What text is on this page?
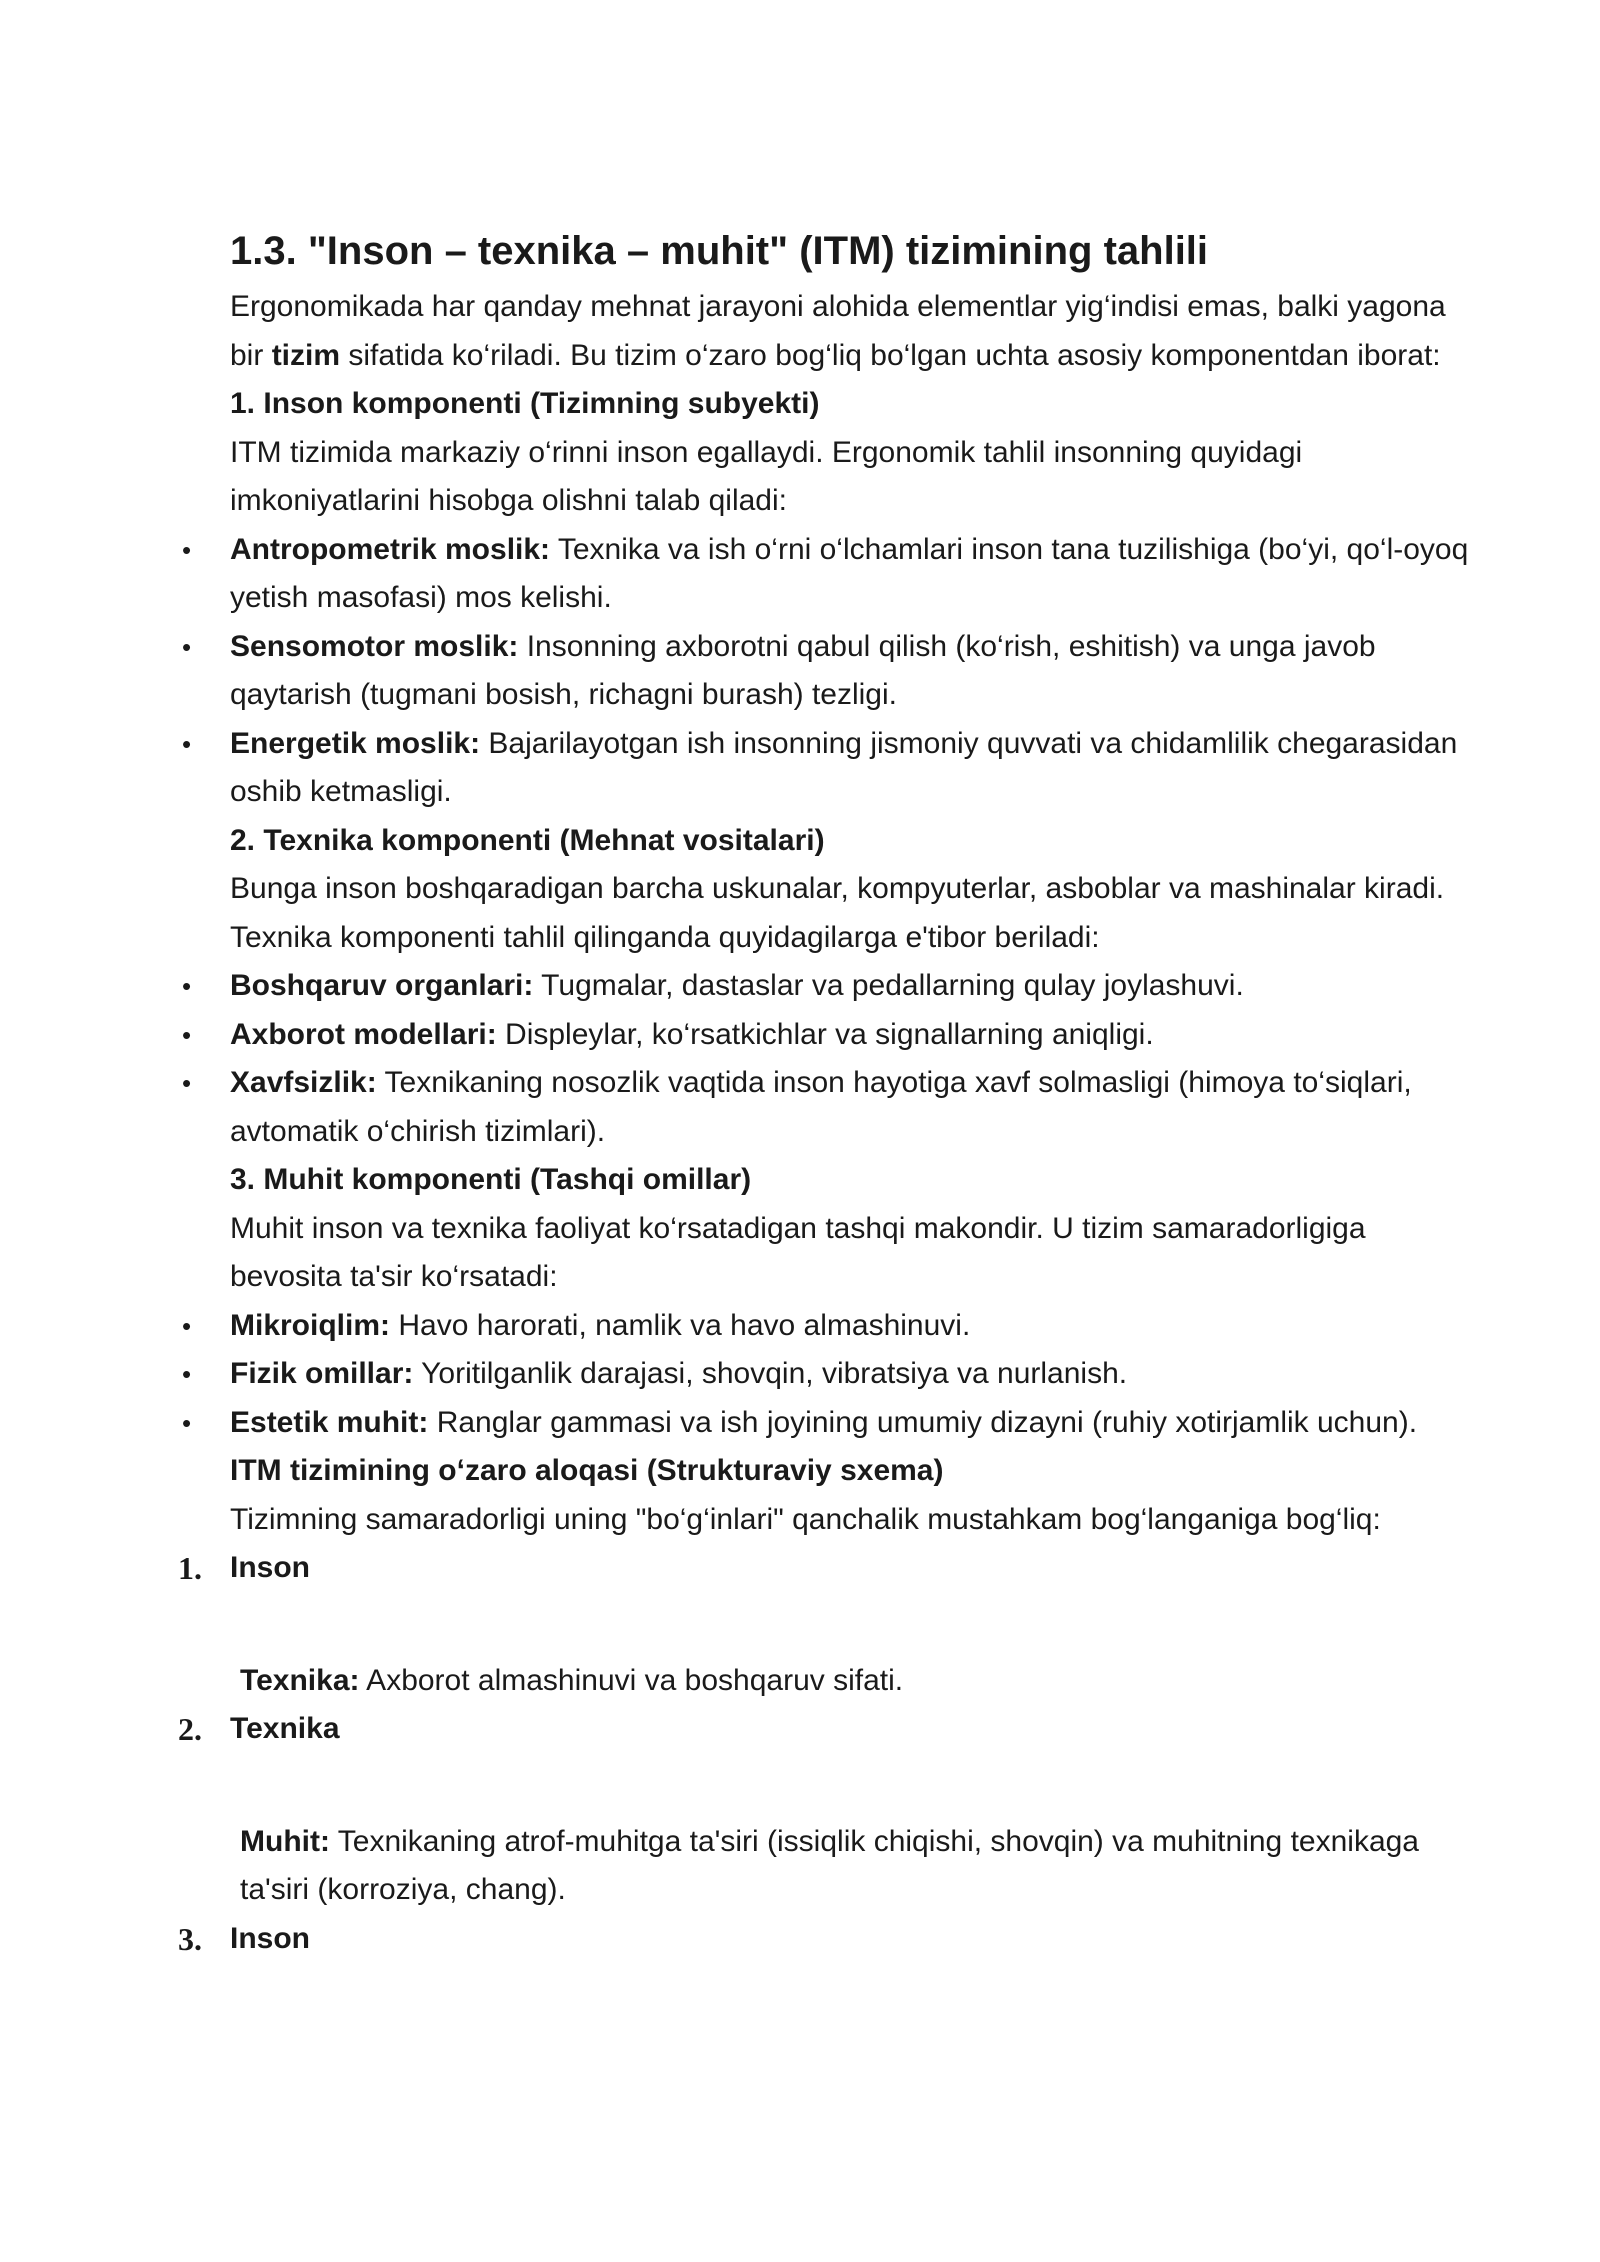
1.3. "Inson – texnika – muhit" (ITM) tizimining tahlili

Ergonomikada har qanday mehnat jarayoni alohida elementlar yig‘indisi emas, balki yagona bir tizim sifatida ko‘riladi. Bu tizim o‘zaro bog‘liq bo‘lgan uchta asosiy komponentdan iborat:

1. Inson komponenti (Tizimning subyekti)

ITM tizimida markaziy o‘rinni inson egallaydi. Ergonomik tahlil insonning quyidagi imkoniyatlarini hisobga olishni talab qiladi:

• Antropometrik moslik: Texnika va ish o‘rni o‘lchamlari inson tana tuzilishiga (bo‘yi, qo‘l-oyoq yetish masofasi) mos kelishi.
• Sensomotor moslik: Insonning axborotni qabul qilish (ko‘rish, eshitish) va unga javob qaytarish (tugmani bosish, richagni burash) tezligi.
• Energetik moslik: Bajarilayotgan ish insonning jismoniy quvvati va chidamlilik chegarasidan oshib ketmasligi.

2. Texnika komponenti (Mehnat vositalari)

Bunga inson boshqaradigan barcha uskunalar, kompyuterlar, asboblar va mashinalar kiradi. Texnika komponenti tahlil qilinganda quyidagilarga e'tibor beriladi:

• Boshqaruv organlari: Tugmalar, dastaslar va pedallarning qulay joylashuvi.
• Axborot modellari: Displeylar, ko‘rsatkichlar va signallarning aniqligi.
• Xavfsizlik: Texnikaning nosozlik vaqtida inson hayotiga xavf solmasligi (himoya to‘siqlari, avtomatik o‘chirish tizimlari).

3. Muhit komponenti (Tashqi omillar)

Muhit inson va texnika faoliyat ko‘rsatadigan tashqi makondir. U tizim samaradorligiga bevosita ta'sir ko‘rsatadi:

• Mikroiqlim: Havo harorati, namlik va havo almashinuvi.
• Fizik omillar: Yoritilganlik darajasi, shovqin, vibratsiya va nurlanish.
• Estetik muhit: Ranglar gammasi va ish joyining umumiy dizayni (ruhiy xotirjamlik uchun).

ITM tizimining o‘zaro aloqasi (Strukturaviy sxema)

Tizimning samaradorligi uning "bo‘g‘inlari" qanchalik mustahkam bog‘langaniga bog‘liq:

1. Inson
Texnika: Axborot almashinuvi va boshqaruv sifati.
2. Texnika
Muhit: Texnikaning atrof-muhitga ta'siri (issiqlik chiqishi, shovqin) va muhitning texnikaga ta'siri (korroziya, chang).
3. Inson
